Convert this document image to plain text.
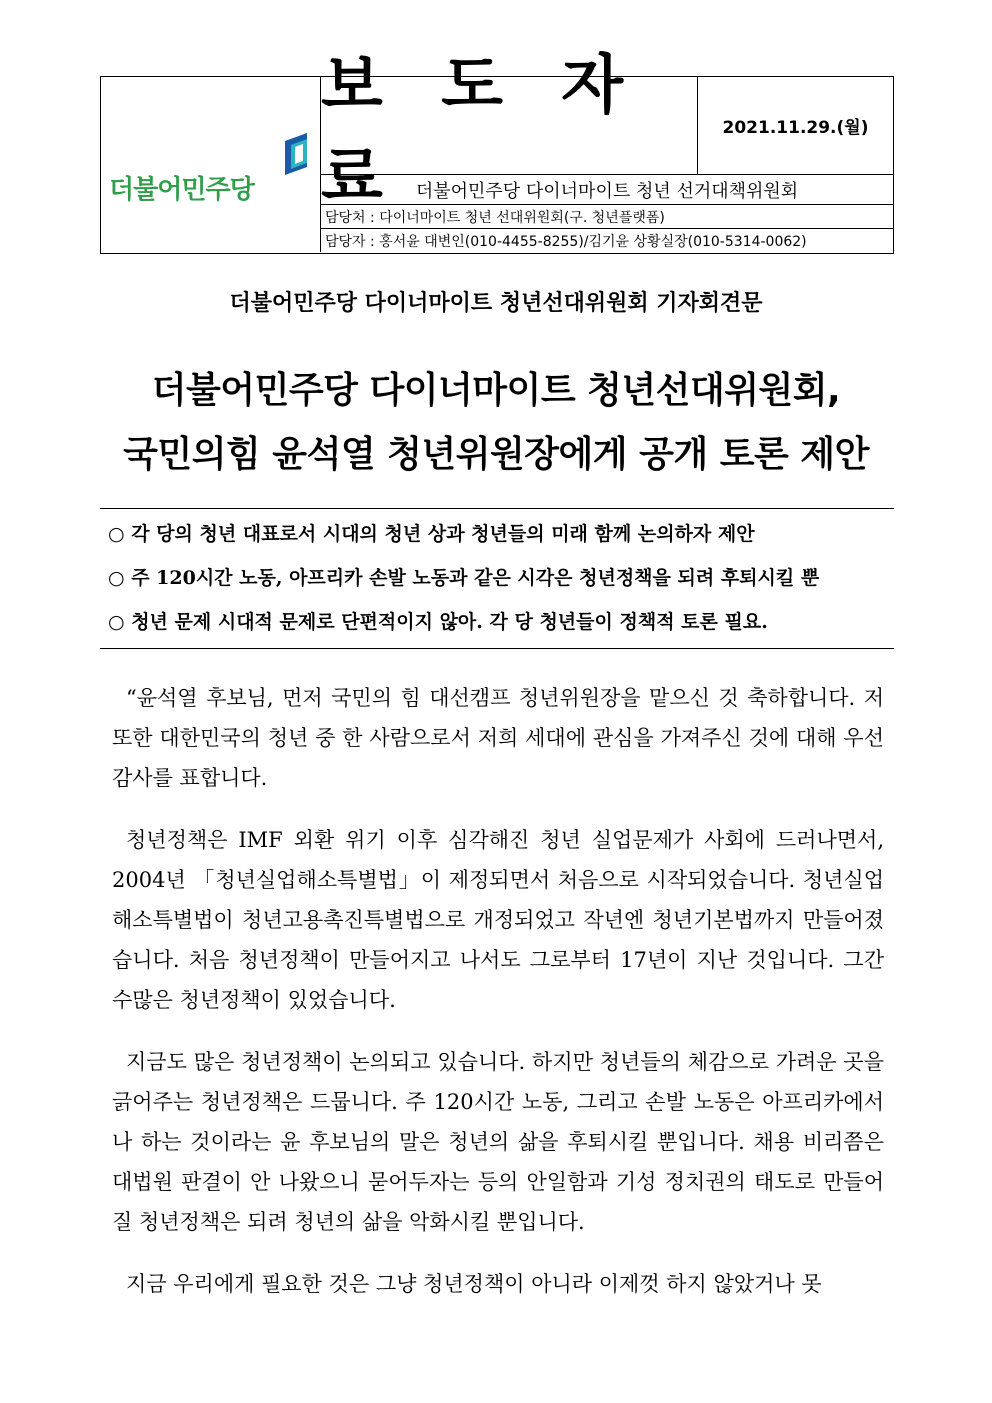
더불어민주당
보 도 자 료
2021.11.29.(월)
더불어민주당 다이너마이트 청년 선거대책위원회
담당처 : 다이너마이트 청년 선대위원회(구. 청년플랫폼)
담당자 : 홍서윤 대변인(010-4455-8255)/김기윤 상황실장(010-5314-0062)
더불어민주당 다이너마이트 청년선대위원회 기자회견문
더불어민주당 다이너마이트 청년선대위원회,
국민의힘 윤석열 청년위원장에게 공개 토론 제안
○ 각 당의 청년 대표로서 시대의 청년 상과 청년들의 미래 함께 논의하자 제안
○ 주 120시간 노동, 아프리카 손발 노동과 같은 시각은 청년정책을 되려 후퇴시킬 뿐
○ 청년 문제 시대적 문제로 단편적이지 않아. 각 당 청년들이 정책적 토론 필요.

“윤석열 후보님, 먼저 국민의 힘 대선캠프 청년위원장을 맡으신 것 축하합니다. 저 또한 대한민국의 청년 중 한 사람으로서 저희 세대에 관심을 가져주신 것에 대해 우선 감사를 표합니다.

청년정책은 IMF 외환 위기 이후 심각해진 청년 실업문제가 사회에 드러나면서, 2004년 「청년실업해소특별법」이 제정되면서 처음으로 시작되었습니다. 청년실업해소특별법이 청년고용촉진특별법으로 개정되었고 작년엔 청년기본법까지 만들어졌습니다. 처음 청년정책이 만들어지고 나서도 그로부터 17년이 지난 것입니다. 그간 수많은 청년정책이 있었습니다.

지금도 많은 청년정책이 논의되고 있습니다. 하지만 청년들의 체감으로 가려운 곳을 긁어주는 청년정책은 드뭅니다. 주 120시간 노동, 그리고 손발 노동은 아프리카에서나 하는 것이라는 윤 후보님의 말은 청년의 삶을 후퇴시킬 뿐입니다. 채용 비리쯤은 대법원 판결이 안 나왔으니 묻어두자는 등의 안일함과 기성 정치권의 태도로 만들어질 청년정책은 되려 청년의 삶을 악화시킬 뿐입니다.

지금 우리에게 필요한 것은 그냥 청년정책이 아니라 이제껏 하지 않았거나 못
